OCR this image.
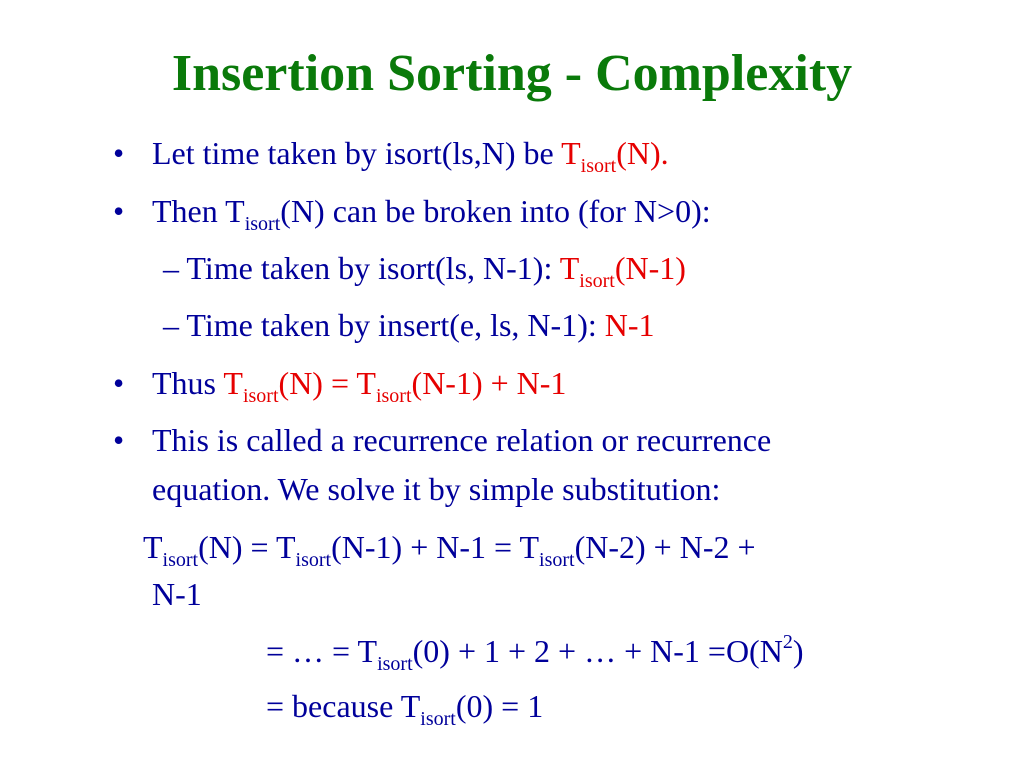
Insertion Sorting - Complexity
• Let time taken by isort(ls,N) be $T_{isort}(N)$.
• Then $T_{isort}(N)$ can be broken into (for N>0):
– Time taken by isort(ls, N-1): $T_{isort}(N-1)$
– Time taken by insert(e, ls, N-1): N-1
• Thus $T_{isort}(N) = T_{isort}(N-1) + N-1$
• This is called a recurrence relation or recurrence
equation. We solve it by simple substitution:
$T_{isort}(N) = T_{isort}(N-1) + N-1 = T_{isort}(N-2) + N-2$ +
N-1
= … = $T_{isort}(0) + 1 + 2$ + … + $N-1 =O(N^2)$
= because $T_{isort}(0) = 1$
